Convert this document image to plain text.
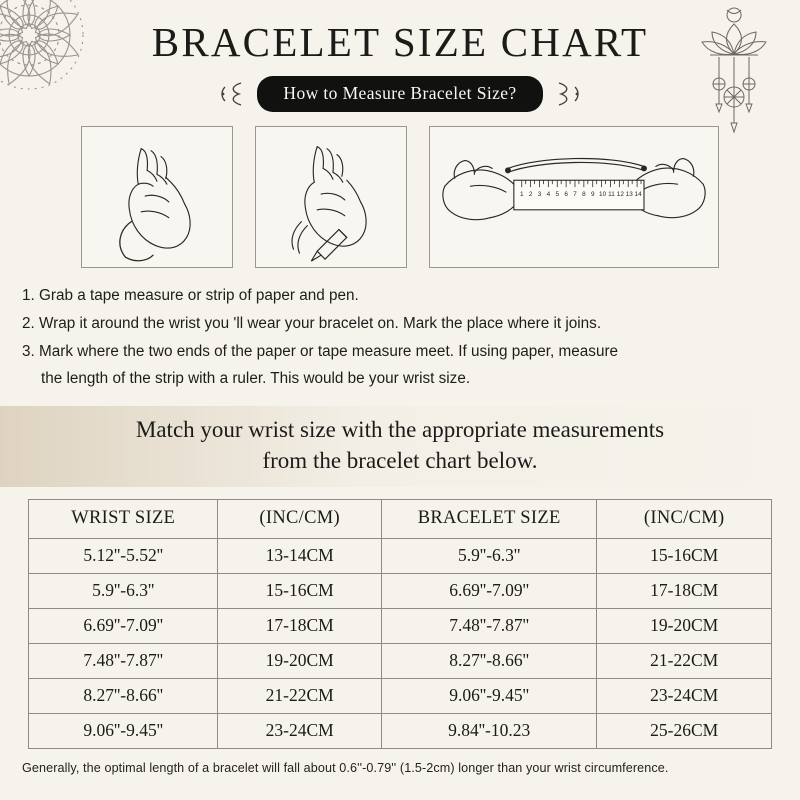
BRACELET SIZE CHART
How to Measure Bracelet Size?
1 2 3 4 5 6 7 8 9 10 11 12 13 14
1. Grab a tape measure or strip of paper and pen.
2. Wrap it around the wrist you 'll wear your bracelet on. Mark the place where it joins.
3. Mark where the two ends of the paper or tape measure meet. If using paper, measure
the length of the strip with a ruler. This would be your wrist size.
Match your wrist size with the appropriate measurements
from the bracelet chart below.
WRIST SIZE	(INC/CM)	BRACELET SIZE	(INC/CM)
5.12''-5.52''	13-14CM	5.9''-6.3''	15-16CM
5.9''-6.3''	15-16CM	6.69''-7.09''	17-18CM
6.69''-7.09''	17-18CM	7.48''-7.87''	19-20CM
7.48''-7.87''	19-20CM	8.27''-8.66''	21-22CM
8.27''-8.66''	21-22CM	9.06''-9.45''	23-24CM
9.06''-9.45''	23-24CM	9.84''-10.23	25-26CM
Generally, the optimal length of a bracelet will fall about 0.6''-0.79'' (1.5-2cm) longer than your wrist circumference.
